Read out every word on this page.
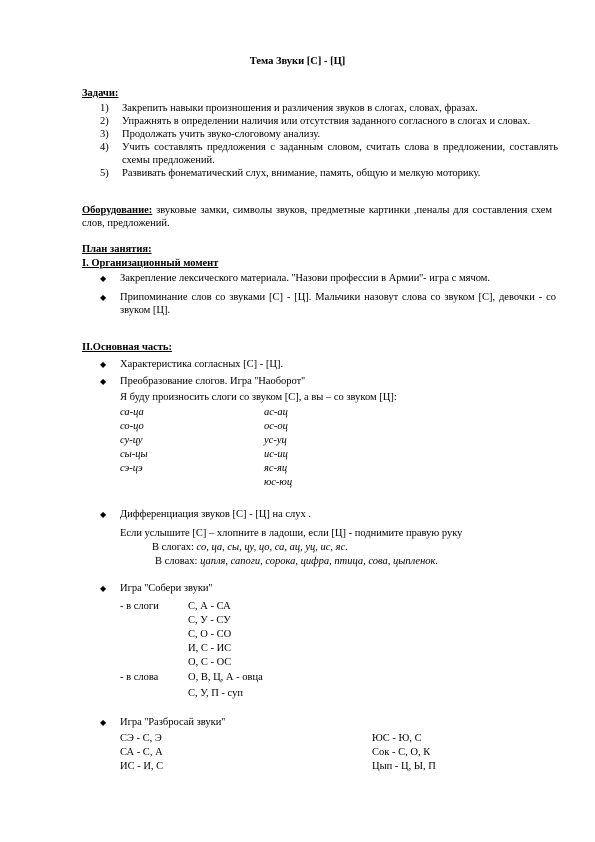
Тема Звуки [С] - [Ц]
Задачи:
1) Закрепить навыки произношения и различения звуков в слогах, словах, фразах.
2) Упражнять в определении наличия или отсутствия заданного согласного в слогах и словах.
3) Продолжать учить звуко-слоговому анализу.
4) Учить составлять предложения с заданным словом, считать слова в предложении, составлять схемы предложений.
5) Развивать фонематический слух, внимание, память, общую и мелкую моторику.
Оборудование: звуковые замки, символы звуков, предметные картинки ,пеналы для составления схем слов, предложений.
План занятия:
I. Организационный момент
◆ Закрепление лексического материала. ''Назови профессии в Армии''- игра с мячом.
◆ Припоминание слов со звуками [С] - [Ц]. Мальчики назовут слова со звуком [С], девочки - со звуком [Ц].
II.Основная часть:
◆ Характеристика согласных [С] - [Ц].
◆ Преобразование слогов. Игра ''Наоборот''
Я буду произносить слоги со звуком [С], а вы – со звуком [Ц]:
са-ца
со-цо
су-цу
сы-цы
сэ-цэ
ас-ац
ос-оц
ус-уц
ис-иц
яс-яц
юс-юц
◆ Дифференциация звуков [С] - [Ц] на слух .
Если услышите [С] – хлопните в ладоши, если [Ц] - поднимите правую руку
В слогах: со, ца, сы, цу, цо, са, ац, уц, ис, яс.
В словах: цапля, сапоги, сорока, цифра, птица, сова, цыпленок.
◆ Игра ''Собери звуки''
- в слоги	С, А - СА
С, У - СУ
С, О - СО
И, С - ИС
О, С - ОС
- в слова	О, В, Ц, А - овца
С, У, П - суп
◆ Игра ''Разбросай звуки''
СЭ - С, Э
СА - С, А
ИС - И, С
ЮС - Ю, С
Сок - С, О, К
Цып - Ц, Ы, П
